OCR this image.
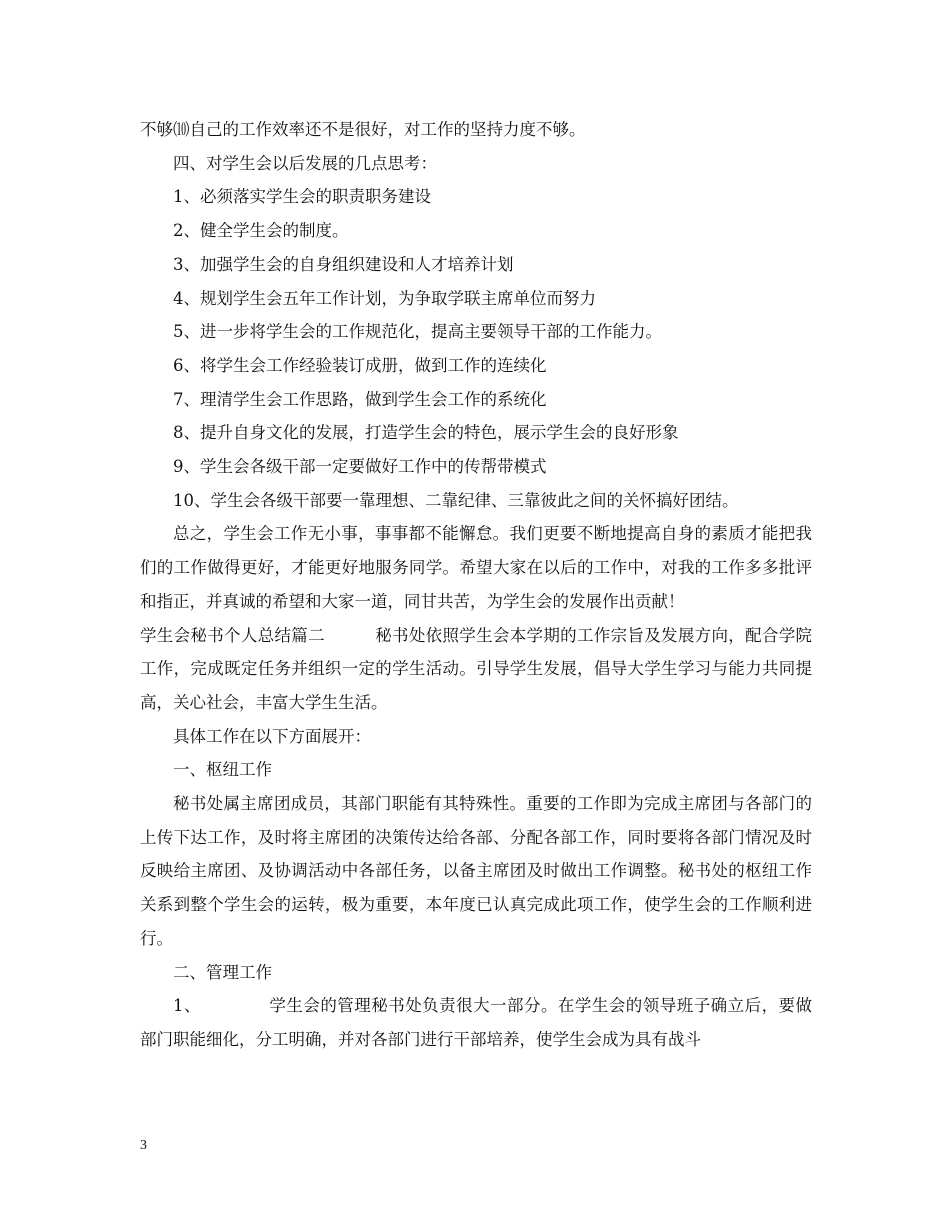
不够⑽自己的工作效率还不是很好，对工作的坚持力度不够。

四、对学生会以后发展的几点思考：

1、必须落实学生会的职责职务建设

2、健全学生会的制度。

3、加强学生会的自身组织建设和人才培养计划

4、规划学生会五年工作计划，为争取学联主席单位而努力

5、进一步将学生会的工作规范化，提高主要领导干部的工作能力。

6、将学生会工作经验装订成册，做到工作的连续化

7、理清学生会工作思路，做到学生会工作的系统化

8、提升自身文化的发展，打造学生会的特色，展示学生会的良好形象

9、学生会各级干部一定要做好工作中的传帮带模式

10、学生会各级干部要一靠理想、二靠纪律、三靠彼此之间的关怀搞好团结。

总之，学生会工作无小事，事事都不能懈怠。我们更要不断地提高自身的素质才能把我们的工作做得更好，才能更好地服务同学。希望大家在以后的工作中，对我的工作多多批评和指正，并真诚的希望和大家一道，同甘共苦，为学生会的发展作出贡献！

学生会秘书个人总结篇二	秘书处依照学生会本学期的工作宗旨及发展方向，配合学院工作，完成既定任务并组织一定的学生活动。引导学生发展，倡导大学生学习与能力共同提高，关心社会，丰富大学生生活。

具体工作在以下方面展开：

一、枢纽工作

秘书处属主席团成员，其部门职能有其特殊性。重要的工作即为完成主席团与各部门的上传下达工作，及时将主席团的决策传达给各部、分配各部工作，同时要将各部门情况及时反映给主席团、及协调活动中各部任务，以备主席团及时做出工作调整。秘书处的枢纽工作关系到整个学生会的运转，极为重要，本年度已认真完成此项工作，使学生会的工作顺利进行。

二、管理工作

1、	学生会的管理秘书处负责很大一部分。在学生会的领导班子确立后，要做部门职能细化，分工明确，并对各部门进行干部培养，使学生会成为具有战斗

3
